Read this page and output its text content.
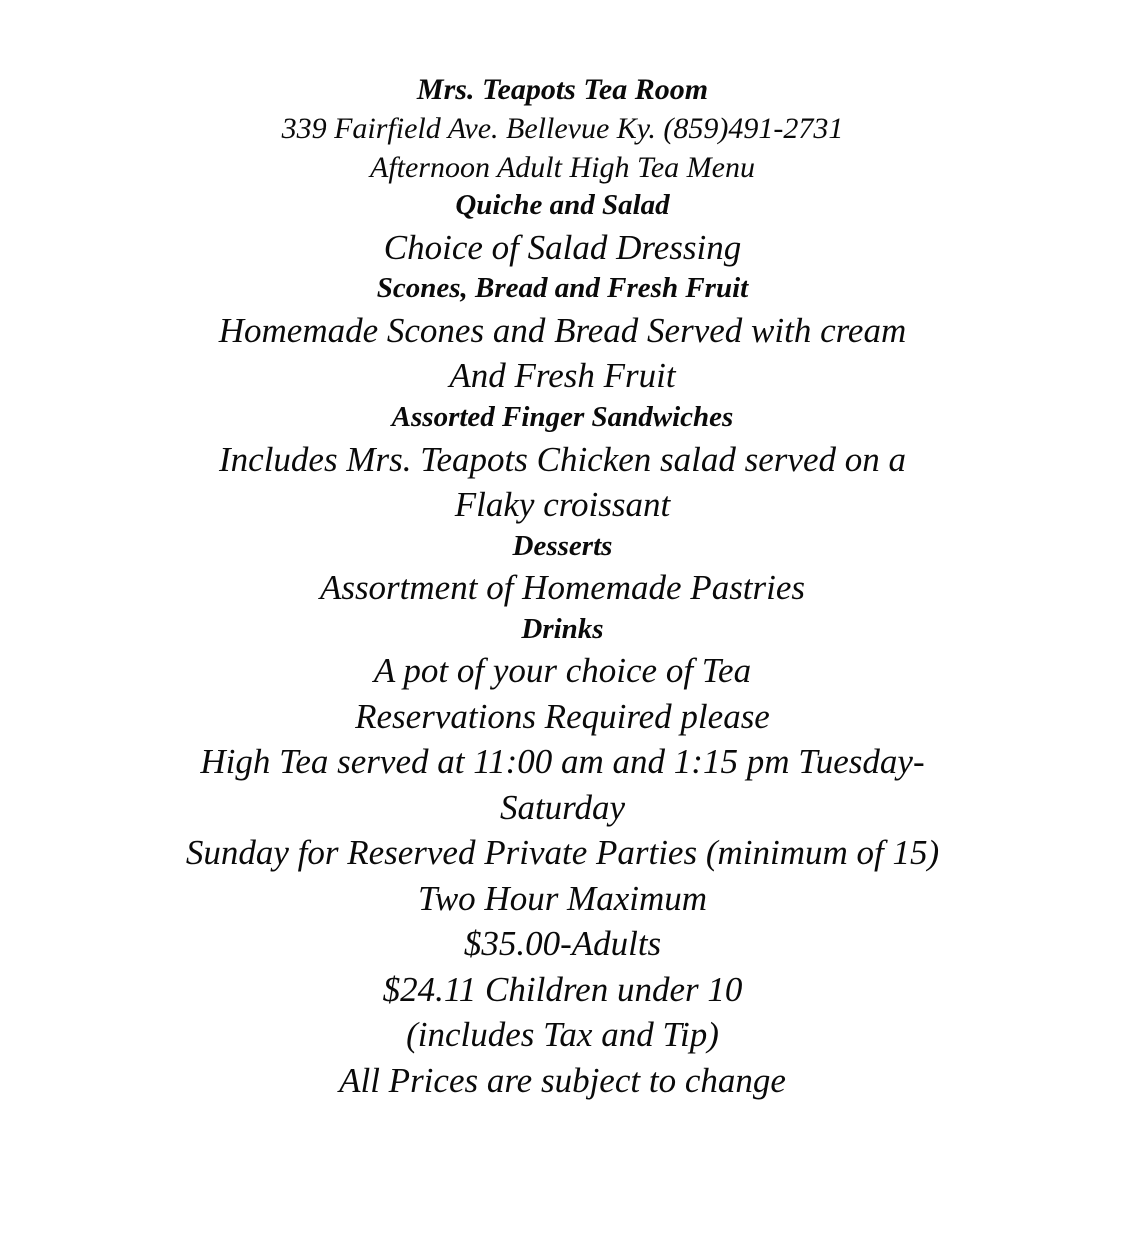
Mrs. Teapots Tea Room
339 Fairfield Ave. Bellevue Ky. (859)491-2731
Afternoon Adult High Tea Menu
Quiche and Salad
Choice of Salad Dressing
Scones, Bread and Fresh Fruit
Homemade Scones and Bread Served with cream
And Fresh Fruit
Assorted Finger Sandwiches
Includes Mrs. Teapots Chicken salad served on a
Flaky croissant
Desserts
Assortment of Homemade Pastries
Drinks
A pot of your choice of Tea
Reservations Required please
High Tea served at 11:00 am and 1:15 pm Tuesday-
Saturday
Sunday for Reserved Private Parties (minimum of 15)
Two Hour Maximum
$35.00-Adults
$24.11 Children under 10
(includes Tax and Tip)
All Prices are subject to change
